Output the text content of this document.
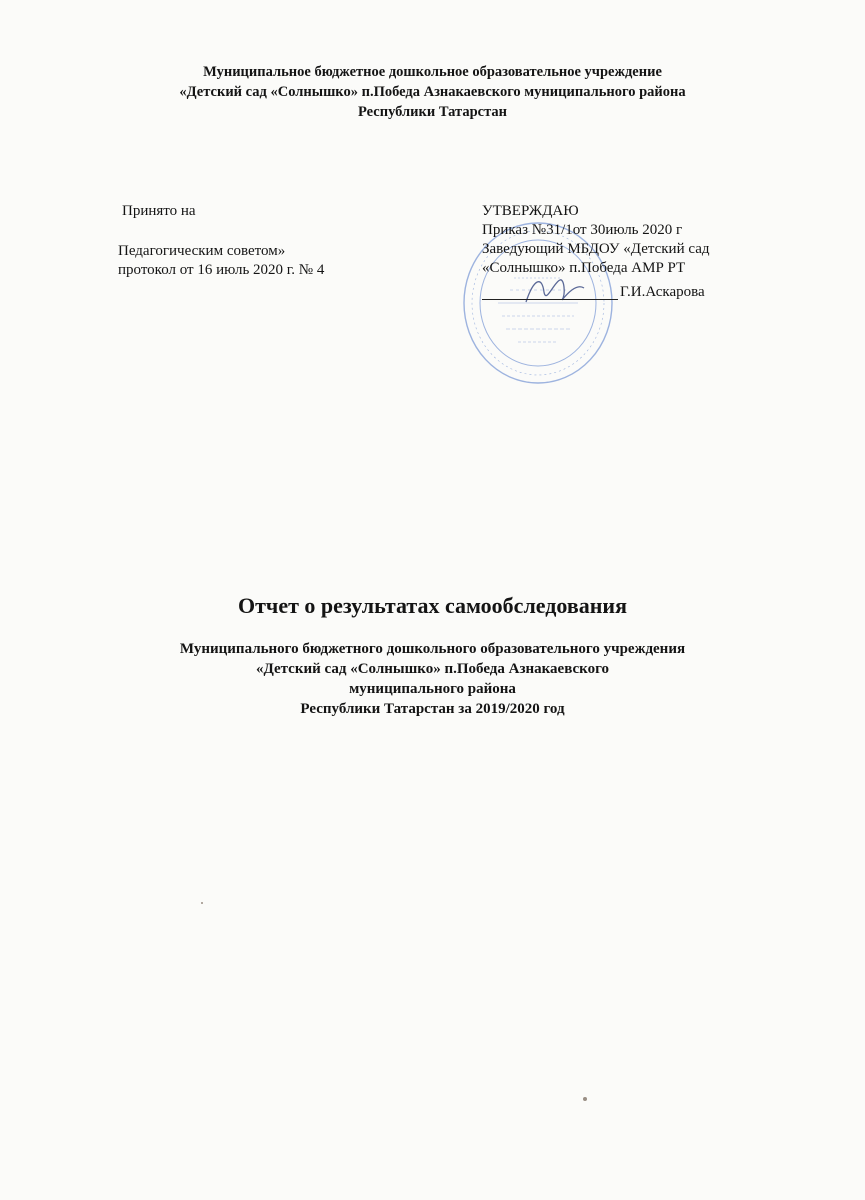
Муниципальное бюджетное дошкольное образовательное учреждение
«Детский сад «Солнышко» п.Победа Азнакаевского муниципального района
Республики Татарстан
Принято на
Педагогическим советом»
протокол от 16 июль 2020 г. № 4
УТВЕРЖДАЮ
Приказ №31/1от 30июль 2020 г
Заведующий МБДОУ «Детский сад
«Солнышко» п.Победа АМР РТ
Г.И.Аскарова
Отчет о результатах самообследования
Муниципального бюджетного дошкольного образовательного учреждения
«Детский сад «Солнышко» п.Победа Азнакаевского
муниципального района
Республики Татарстан за 2019/2020 год
